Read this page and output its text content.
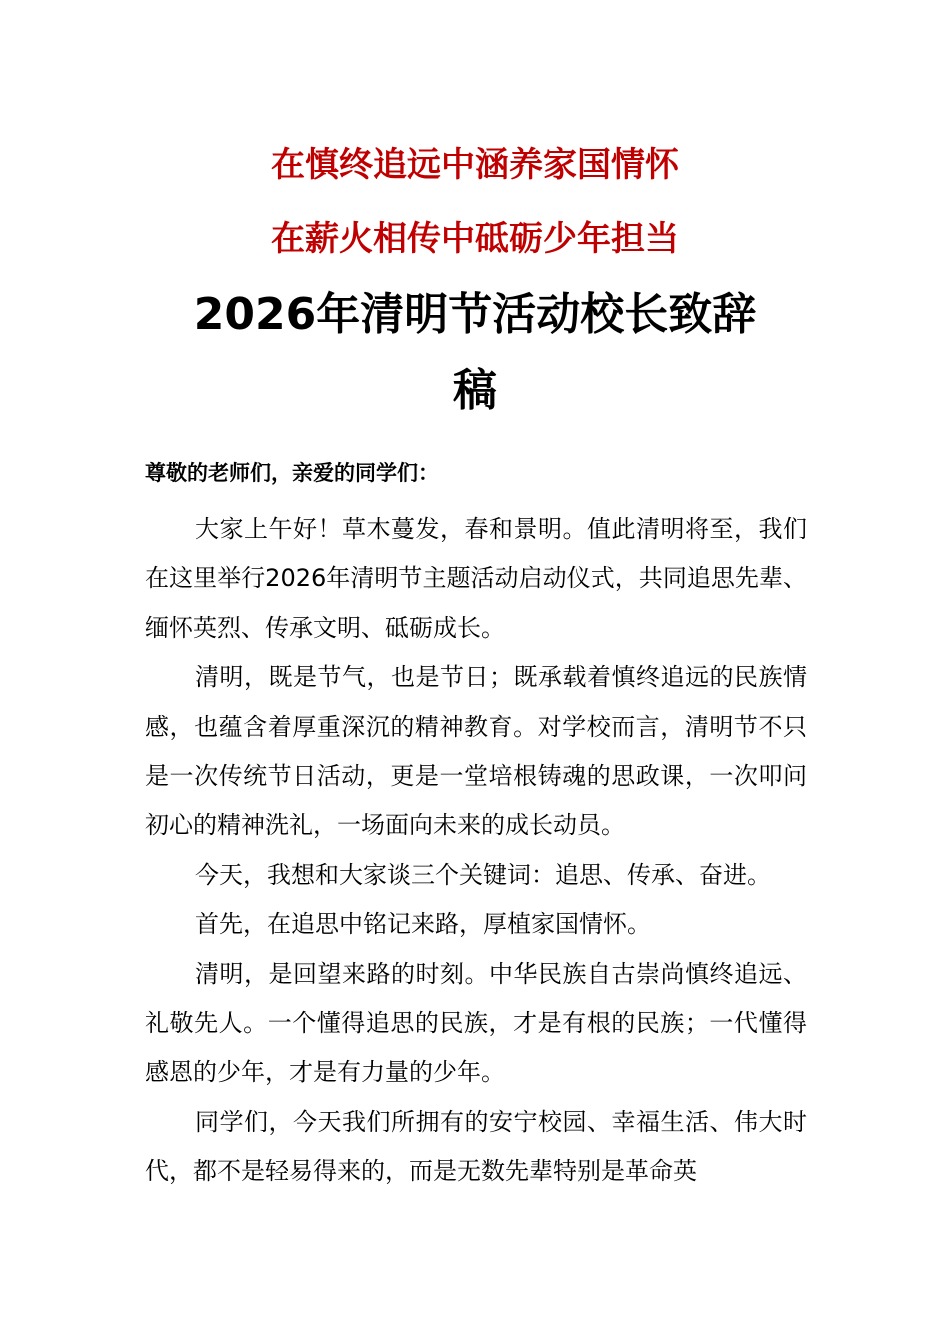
在慎终追远中涵养家国情怀
在薪火相传中砥砺少年担当
2026年清明节活动校长致辞
稿
尊敬的老师们，亲爱的同学们：

大家上午好！草木蔓发，春和景明。值此清明将至，我们在这里举行2026年清明节主题活动启动仪式，共同追思先辈、缅怀英烈、传承文明、砥砺成长。

清明，既是节气，也是节日；既承载着慎终追远的民族情感，也蕴含着厚重深沉的精神教育。对学校而言，清明节不只是一次传统节日活动，更是一堂培根铸魂的思政课，一次叩问初心的精神洗礼，一场面向未来的成长动员。

今天，我想和大家谈三个关键词：追思、传承、奋进。

首先，在追思中铭记来路，厚植家国情怀。

清明，是回望来路的时刻。中华民族自古崇尚慎终追远、礼敬先人。一个懂得追思的民族，才是有根的民族；一代懂得感恩的少年，才是有力量的少年。

同学们，今天我们所拥有的安宁校园、幸福生活、伟大时代，都不是轻易得来的，而是无数先辈特别是革命英
